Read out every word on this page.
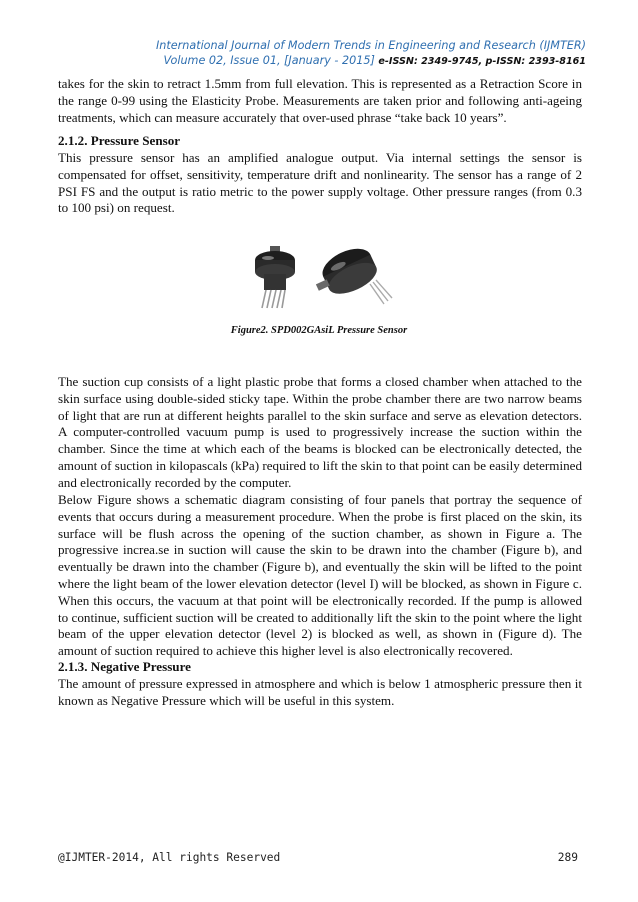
International Journal of Modern Trends in Engineering and Research (IJMTER)
Volume 02, Issue 01, [January - 2015] e-ISSN: 2349-9745, p-ISSN: 2393-8161

takes for the skin to retract 1.5mm from full elevation. This is represented as a Retraction Score in the range 0-99 using the Elasticity Probe. Measurements are taken prior and following anti-ageing treatments, which can measure accurately that over-used phrase “take back 10 years”.

2.1.2. Pressure Sensor

This pressure sensor has an amplified analogue output. Via internal settings the sensor is compensated for offset, sensitivity, temperature drift and nonlinearity. The sensor has a range of 2 PSI FS and the output is ratio metric to the power supply voltage. Other pressure ranges (from 0.3 to 100 psi) on request.

Figure2. SPD002GAsiL Pressure Sensor

The suction cup consists of a light plastic probe that forms a closed chamber when attached to the skin surface using double-sided sticky tape. Within the probe chamber there are two narrow beams of light that are run at different heights parallel to the skin surface and serve as elevation detectors. A computer-controlled vacuum pump is used to progressively increase the suction within the chamber. Since the time at which each of the beams is blocked can be electronically detected, the amount of suction in kilopascals (kPa) required to lift the skin to that point can be easily determined and electronically recorded by the computer.

Below Figure shows a schematic diagram consisting of four panels that portray the sequence of events that occurs during a measurement procedure. When the probe is first placed on the skin, its surface will be flush across the opening of the suction chamber, as shown in Figure a. The progressive increa.se in suction will cause the skin to be drawn into the chamber (Figure b), and eventually be drawn into the chamber (Figure b), and eventually the skin will be lifted to the point where the light beam of the lower elevation detector (level I) will be blocked, as shown in Figure c. When this occurs, the vacuum at that point will be electronically recorded. If the pump is allowed to continue, sufficient suction will be created to additionally lift the skin to the point where the light beam of the upper elevation detector (level 2) is blocked as well, as shown in (Figure d). The amount of suction required to achieve this higher level is also electronically recovered.

2.1.3. Negative Pressure

The amount of pressure expressed in atmosphere and which is below 1 atmospheric pressure then it known as Negative Pressure which will be useful in this system.

@IJMTER-2014, All rights Reserved	289
